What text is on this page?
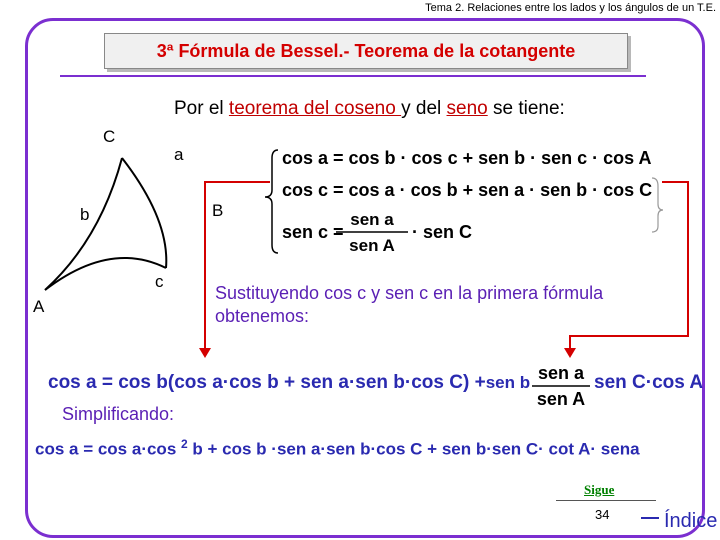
Tema 2. Relaciones entre los lados y los ángulos de un T.E.
3ª Fórmula de Bessel.- Teorema de la cotangente
Por el teorema del coseno y del seno se tiene:
C
a
b	B
c
A
cos a = cos b · cos c + sen b · sen c · cos A
cos c = cos a · cos b + sen a · sen b · cos C
sen c =
sen a
sen A
· sen C
Sustituyendo cos c y sen c en la primera fórmula obtenemos:
cos a = cos b(cos a·cos b + sen a·sen b·cos C) +sen b sen a
sen A
sen C·cos A
Simplificando:
cos a = cos a·cos $^2$ b + cos b ·sen a·sen b·cos C + sen b·sen C· cot A· sena
Sigue
34	Índice
